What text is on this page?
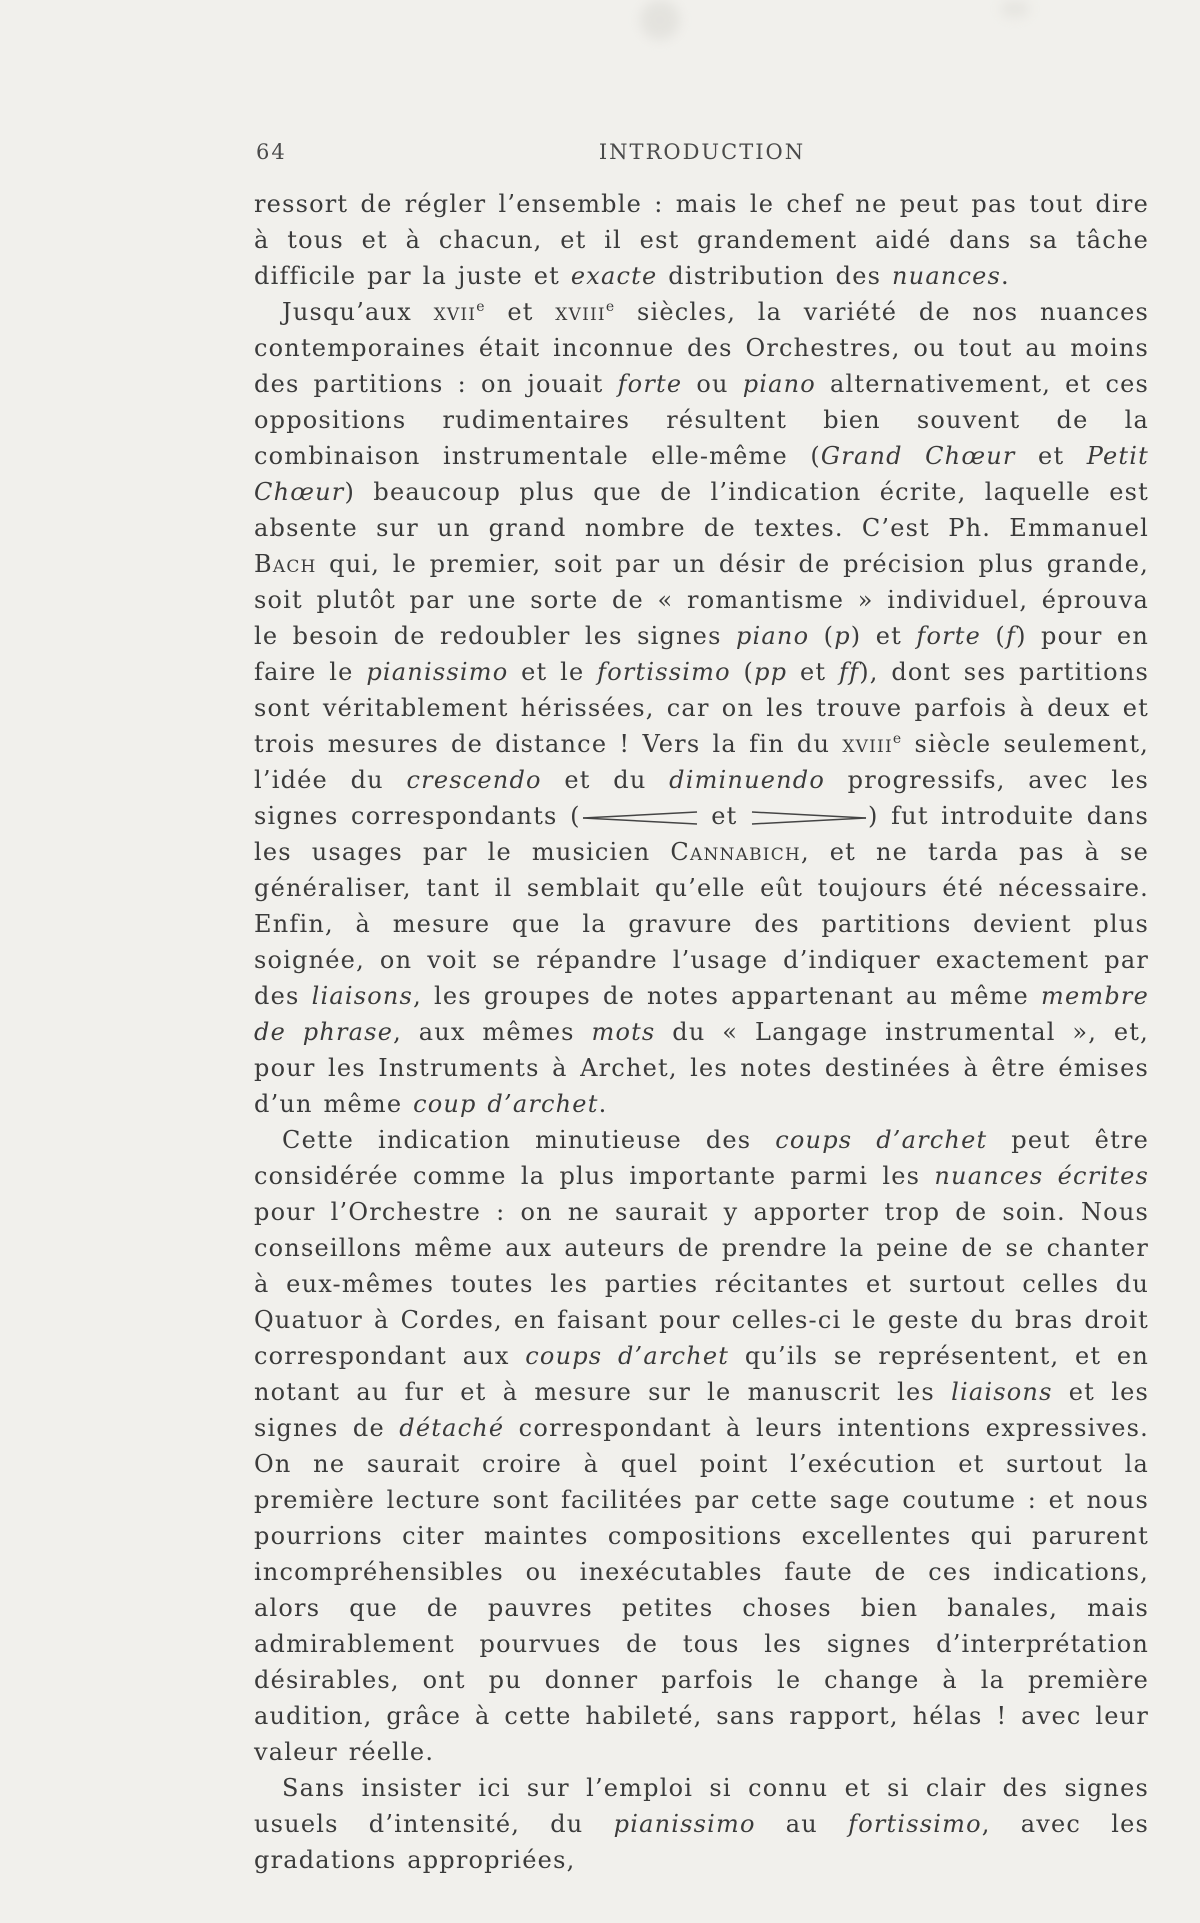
64	INTRODUCTION

ressort de régler l’ensemble : mais le chef ne peut pas tout dire à tous et à chacun, et il est grandement aidé dans sa tâche difficile par la juste et exacte distribution des nuances.

Jusqu’aux xvii$^e$ et xviii$^e$ siècles, la variété de nos nuances contemporaines était inconnue des Orchestres, ou tout au moins des partitions : on jouait forte ou piano alternativement, et ces oppositions rudimentaires résultent bien souvent de la combinaison instrumentale elle-même (Grand Chœur et Petit Chœur) beaucoup plus que de l’indication écrite, laquelle est absente sur un grand nombre de textes. C’est Ph. Emmanuel Bach qui, le premier, soit par un désir de précision plus grande, soit plutôt par une sorte de « romantisme » individuel, éprouva le besoin de redoubler les signes piano (p) et forte (f) pour en faire le pianissimo et le fortissimo (pp et ff), dont ses partitions sont véritablement hérissées, car on les trouve parfois à deux et trois mesures de distance ! Vers la fin du xviii$^e$ siècle seulement, l’idée du crescendo et du diminuendo progressifs, avec les signes correspondants (	et	) fut introduite dans les usages par le musicien Cannabich, et ne tarda pas à se généraliser, tant il semblait qu’elle eût toujours été nécessaire. Enfin, à mesure que la gravure des partitions devient plus soignée, on voit se répandre l’usage d’indiquer exactement par des liaisons, les groupes de notes appartenant au même membre de phrase, aux mêmes mots du « Langage instrumental », et, pour les Instruments à Archet, les notes destinées à être émises d’un même coup d’archet.

Cette indication minutieuse des coups d’archet peut être considérée comme la plus importante parmi les nuances écrites pour l’Orchestre : on ne saurait y apporter trop de soin. Nous conseillons même aux auteurs de prendre la peine de se chanter à eux-mêmes toutes les parties récitantes et surtout celles du Quatuor à Cordes, en faisant pour celles-ci le geste du bras droit correspondant aux coups d’archet qu’ils se représentent, et en notant au fur et à mesure sur le manuscrit les liaisons et les signes de détaché correspondant à leurs intentions expressives. On ne saurait croire à quel point l’exécution et surtout la première lecture sont facilitées par cette sage coutume : et nous pourrions citer maintes compositions excellentes qui parurent incompréhensibles ou inexécutables faute de ces indications, alors que de pauvres petites choses bien banales, mais admirablement pourvues de tous les signes d’interprétation désirables, ont pu donner parfois le change à la première audition, grâce à cette habileté, sans rapport, hélas ! avec leur valeur réelle.

Sans insister ici sur l’emploi si connu et si clair des signes usuels d’intensité, du pianissimo au fortissimo, avec les gradations appropriées,
